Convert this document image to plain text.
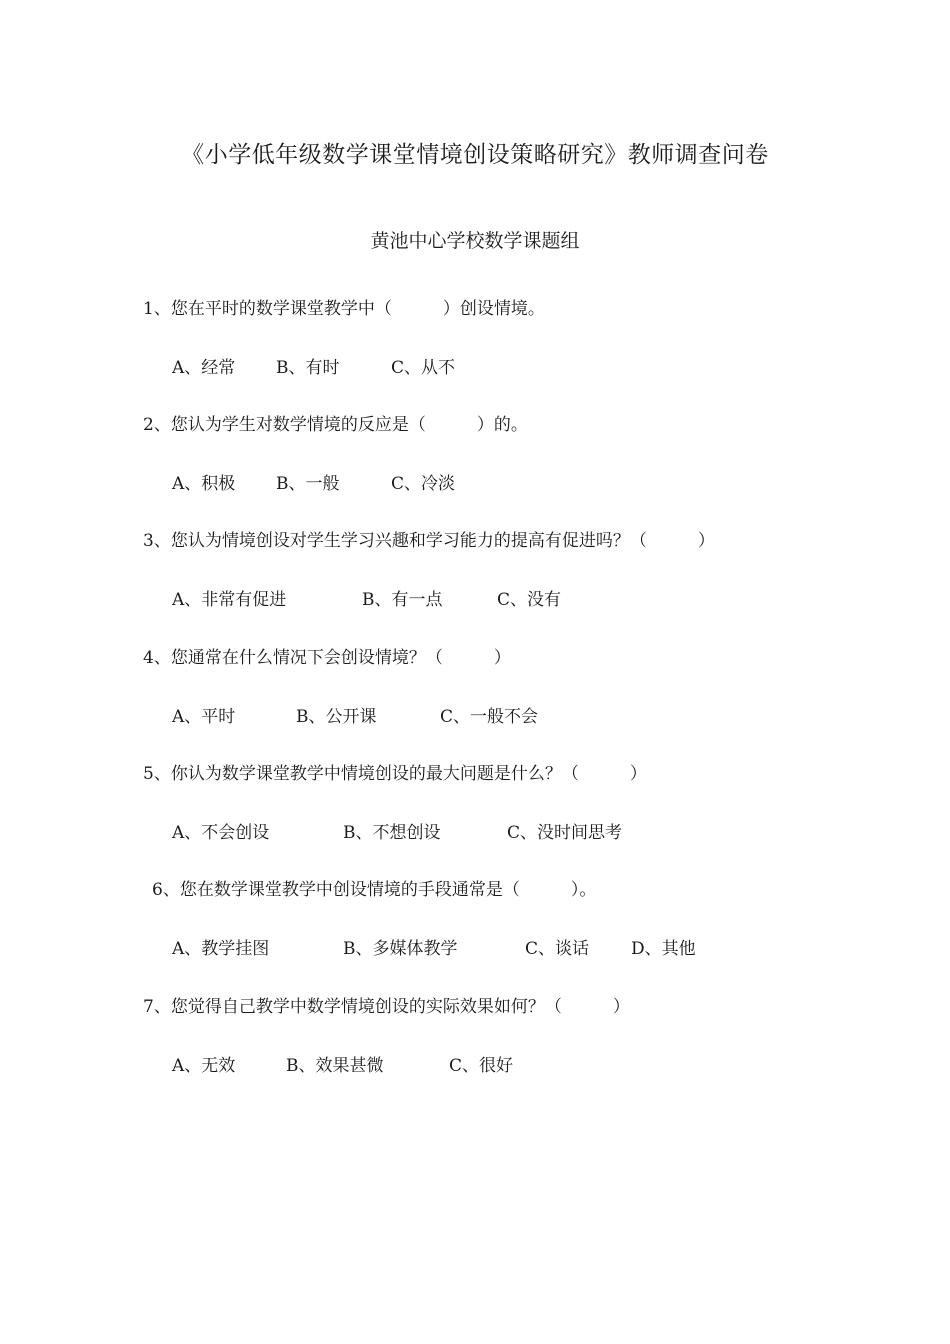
《小学低年级数学课堂情境创设策略研究》教师调查问卷
黄池中心学校数学课题组
1、您在平时的数学课堂教学中（　　　）创设情境。
A、经常 B、有时	C、从不
2、您认为学生对数学情境的反应是（　　　）的。
A、积极 B、一般	C、冷淡
3、您认为情境创设对学生学习兴趣和学习能力的提高有促进吗？（　　　）
A、非常有促进	B、有一点	C、没有
4、您通常在什么情况下会创设情境？（　　　）
A、平时	B、公开课	C、一般不会
5、你认为数学课堂教学中情境创设的最大问题是什么？（　　　）
A、不会创设	B、不想创设	C、没时间思考
6、您在数学课堂教学中创设情境的手段通常是（　　　）。
A、教学挂图	B、多媒体教学	C、谈话 D、其他
7、您觉得自己教学中数学情境创设的实际效果如何？（　　　）
A、无效	B、效果甚微	C、很好
